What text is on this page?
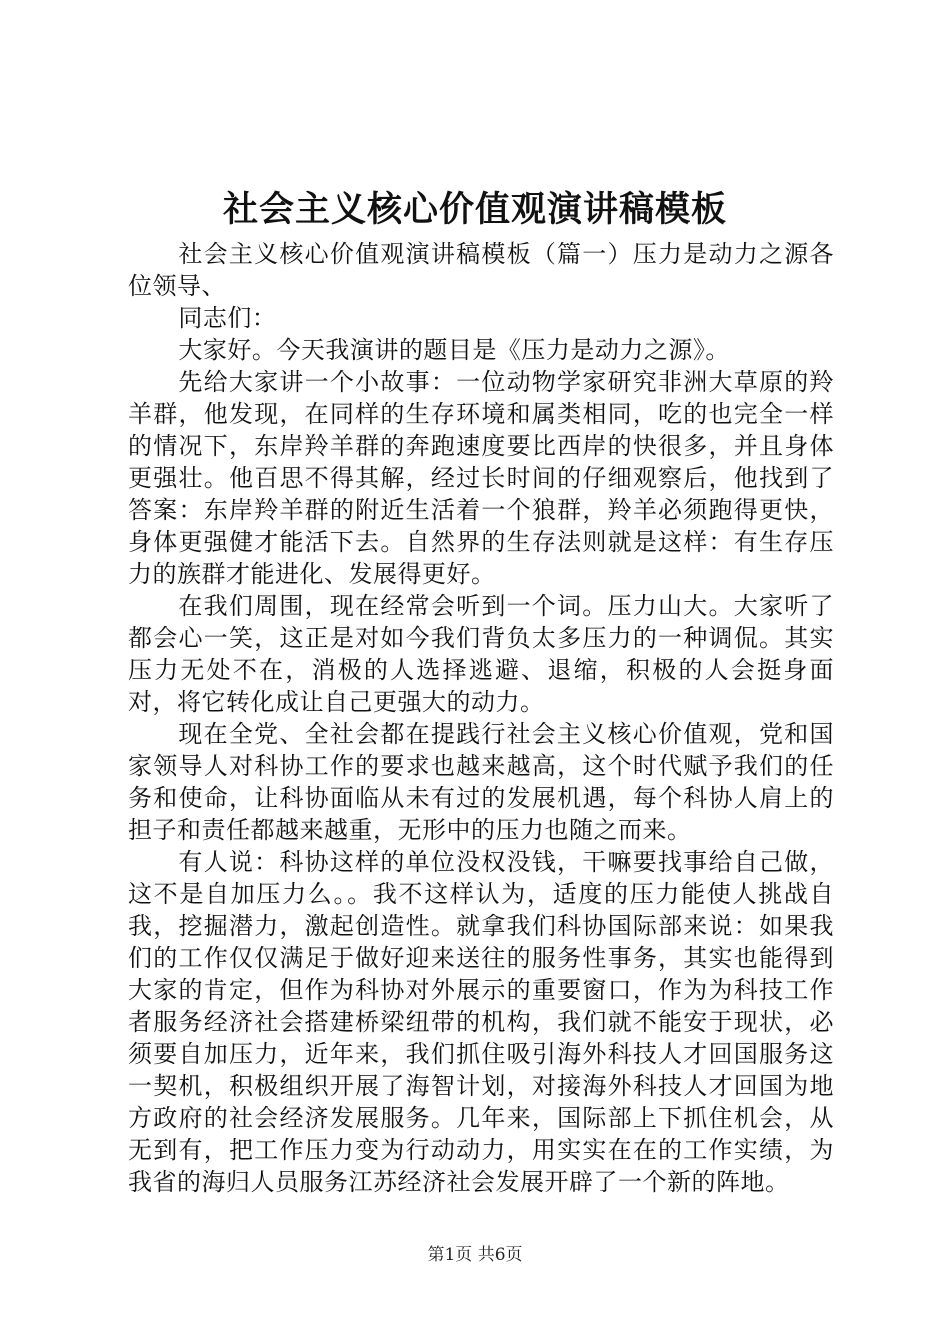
社会主义核心价值观演讲稿模板

社会主义核心价值观演讲稿模板（篇一）压力是动力之源各位领导、

同志们：

大家好。今天我演讲的题目是《压力是动力之源》。

先给大家讲一个小故事：一位动物学家研究非洲大草原的羚羊群，他发现，在同样的生存环境和属类相同，吃的也完全一样的情况下，东岸羚羊群的奔跑速度要比西岸的快很多，并且身体更强壮。他百思不得其解，经过长时间的仔细观察后，他找到了答案：东岸羚羊群的附近生活着一个狼群，羚羊必须跑得更快，身体更强健才能活下去。自然界的生存法则就是这样：有生存压力的族群才能进化、发展得更好。

在我们周围，现在经常会听到一个词。压力山大。大家听了都会心一笑，这正是对如今我们背负太多压力的一种调侃。其实压力无处不在，消极的人选择逃避、退缩，积极的人会挺身面对，将它转化成让自己更强大的动力。

现在全党、全社会都在提践行社会主义核心价值观，党和国家领导人对科协工作的要求也越来越高，这个时代赋予我们的任务和使命，让科协面临从未有过的发展机遇，每个科协人肩上的担子和责任都越来越重，无形中的压力也随之而来。

有人说：科协这样的单位没权没钱，干嘛要找事给自己做，这不是自加压力么。。我不这样认为，适度的压力能使人挑战自我，挖掘潜力，激起创造性。就拿我们科协国际部来说：如果我们的工作仅仅满足于做好迎来送往的服务性事务，其实也能得到大家的肯定，但作为科协对外展示的重要窗口，作为为科技工作者服务经济社会搭建桥梁纽带的机构，我们就不能安于现状，必须要自加压力，近年来，我们抓住吸引海外科技人才回国服务这一契机，积极组织开展了海智计划，对接海外科技人才回国为地方政府的社会经济发展服务。几年来，国际部上下抓住机会，从无到有，把工作压力变为行动动力，用实实在在的工作实绩，为我省的海归人员服务江苏经济社会发展开辟了一个新的阵地。

第1页 共6页
